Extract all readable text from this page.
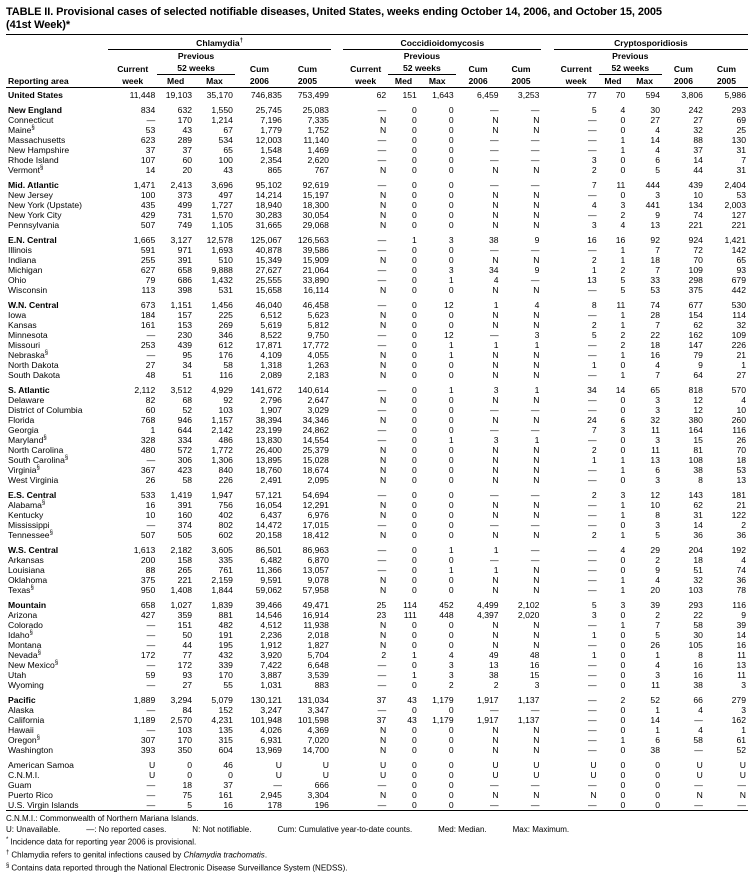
TABLE II. Provisional cases of selected notifiable diseases, United States, weeks ending October 14, 2006, and October 15, 2005
(41st Week)*
Reporting area	Chlamydia†						Coccidioidomycosis						Cryptosporidiosis				
		Previous						Previous						Previous			
	Current	52 weeks		Cum	Cum		Current	52 weeks		Cum	Cum		Current	52 weeks		Cum	Cum
	week	Med	Max	2006	2005		week	Med	Max	2006	2005		week	Med	Max	2006	2005
United States	11,448	19,103	35,170	746,835	753,499		62	151	1,643	6,459	3,253		77	70	594	3,806	5,986
New England	834	632	1,550	25,745	25,083		—	0	0	—	—		5	4	30	242	293
Connecticut	—	170	1,214	7,196	7,335		N	0	0	N	N		—	0	27	27	69
Maine§	53	43	67	1,779	1,752		N	0	0	N	N		—	0	4	32	25
Massachusetts	623	289	534	12,003	11,140		—	0	0	—	—		—	1	14	88	130
New Hampshire	37	37	65	1,548	1,469		—	0	0	—	—		—	1	4	37	31
Rhode Island	107	60	100	2,354	2,620		—	0	0	—	—		3	0	6	14	7
Vermont§	14	20	43	865	767		N	0	0	N	N		2	0	5	44	31
Mid. Atlantic	1,471	2,413	3,696	95,102	92,619		—	0	0	—	—		7	11	444	439	2,404
New Jersey	100	373	497	14,214	15,197		N	0	0	N	N		—	0	3	10	53
New York (Upstate)	435	499	1,727	18,940	18,300		N	0	0	N	N		4	3	441	134	2,003
New York City	429	731	1,570	30,283	30,054		N	0	0	N	N		—	2	9	74	127
Pennsylvania	507	749	1,105	31,665	29,068		N	0	0	N	N		3	4	13	221	221
E.N. Central	1,665	3,127	12,578	125,067	126,563		—	1	3	38	9		16	16	92	924	1,421
Illinois	591	971	1,693	40,878	39,586		—	0	0	—	—		—	1	7	72	142
Indiana	255	391	510	15,349	15,909		N	0	0	N	N		2	1	18	70	65
Michigan	627	658	9,888	27,627	21,064		—	0	3	34	9		1	2	7	109	93
Ohio	79	686	1,432	25,555	33,890		—	0	1	4	—		13	5	33	298	679
Wisconsin	113	398	531	15,658	16,114		N	0	0	N	N		—	5	53	375	442
W.N. Central	673	1,151	1,456	46,040	46,458		—	0	12	1	4		8	11	74	677	530
Iowa	184	157	225	6,512	5,623		N	0	0	N	N		—	1	28	154	114
Kansas	161	153	269	5,619	5,812		N	0	0	N	N		2	1	7	62	32
Minnesota	—	230	346	8,522	9,750		—	0	12	—	3		5	2	22	162	109
Missouri	253	439	612	17,871	17,772		—	0	1	1	1		—	2	18	147	226
Nebraska§	—	95	176	4,109	4,055		N	0	1	N	N		—	1	16	79	21
North Dakota	27	34	58	1,318	1,263		N	0	0	N	N		1	0	4	9	1
South Dakota	48	51	116	2,089	2,183		N	0	0	N	N		—	1	7	64	27
S. Atlantic	2,112	3,512	4,929	141,672	140,614		—	0	1	3	1		34	14	65	818	570
Delaware	82	68	92	2,796	2,647		N	0	0	N	N		—	0	3	12	4
District of Columbia	60	52	103	1,907	3,029		—	0	0	—	—		—	0	3	12	10
Florida	768	946	1,157	38,394	34,346		N	0	0	N	N		24	6	32	380	260
Georgia	1	644	2,142	23,199	24,862		—	0	0	—	—		7	3	11	164	116
Maryland§	328	334	486	13,830	14,554		—	0	1	3	1		—	0	3	15	26
North Carolina	480	572	1,772	26,400	25,379		N	0	0	N	N		2	0	11	81	70
South Carolina§	—	306	1,306	13,895	15,028		N	0	0	N	N		1	1	13	108	18
Virginia§	367	423	840	18,760	18,674		N	0	0	N	N		—	1	6	38	53
West Virginia	26	58	226	2,491	2,095		N	0	0	N	N		—	0	3	8	13
E.S. Central	533	1,419	1,947	57,121	54,694		—	0	0	—	—		2	3	12	143	181
Alabama§	16	391	756	16,054	12,291		N	0	0	N	N		—	1	10	62	21
Kentucky	10	160	402	6,437	6,976		N	0	0	N	N		—	1	8	31	122
Mississippi	—	374	802	14,472	17,015		—	0	0	—	—		—	0	3	14	2
Tennessee§	507	505	602	20,158	18,412		N	0	0	N	N		2	1	5	36	36
W.S. Central	1,613	2,182	3,605	86,501	86,963		—	0	1	1	—		—	4	29	204	192
Arkansas	200	158	335	6,482	6,870		—	0	0	—	—		—	0	2	18	4
Louisiana	88	265	761	11,366	13,057		—	0	1	1	N		—	0	9	51	74
Oklahoma	375	221	2,159	9,591	9,078		N	0	0	N	N		—	1	4	32	36
Texas§	950	1,408	1,844	59,062	57,958		N	0	0	N	N		—	1	20	103	78
Mountain	658	1,027	1,839	39,466	49,471		25	114	452	4,499	2,102		5	3	39	293	116
Arizona	427	359	881	14,546	16,914		23	111	448	4,397	2,020		3	0	2	22	9
Colorado	—	151	482	4,512	11,938		N	0	0	N	N		—	1	7	58	39
Idaho§	—	50	191	2,236	2,018		N	0	0	N	N		1	0	5	30	14
Montana	—	44	195	1,912	1,827		N	0	0	N	N		—	0	26	105	16
Nevada§	172	77	432	3,920	5,704		2	1	4	49	48		1	0	1	8	11
New Mexico§	—	172	339	7,422	6,648		—	0	3	13	16		—	0	4	16	13
Utah	59	93	170	3,887	3,539		—	1	3	38	15		—	0	3	16	11
Wyoming	—	27	55	1,031	883		—	0	2	2	3		—	0	11	38	3
Pacific	1,889	3,294	5,079	130,121	131,034		37	43	1,179	1,917	1,137		—	2	52	66	279
Alaska	—	84	152	3,247	3,347		—	0	0	—	—		—	0	1	4	3
California	1,189	2,570	4,231	101,948	101,598		37	43	1,179	1,917	1,137		—	0	14	—	162
Hawaii	—	103	135	4,026	4,369		N	0	0	N	N		—	0	1	4	1
Oregon§	307	170	315	6,931	7,020		N	0	0	N	N		—	1	6	58	61
Washington	393	350	604	13,969	14,700		N	0	0	N	N		—	0	38	—	52
American Samoa	U	0	46	U	U		U	0	0	U	U		U	0	0	U	U
C.N.M.I.	U	0	0	U	U		U	0	0	U	U		U	0	0	U	U
Guam	—	18	37	—	666		—	0	0	—	—		—	0	0	—	—
Puerto Rico	—	75	161	2,945	3,304		N	0	0	N	N		N	0	0	N	N
U.S. Virgin Islands	—	5	16	178	196		—	0	0	—	—		—	0	0	—	—
C.N.M.I.: Commonwealth of Northern Mariana Islands.
U: Unavailable.	—: No reported cases.	N: Not notifiable.	Cum: Cumulative year-to-date counts.	Med: Median.	Max: Maximum.
* Incidence data for reporting year 2006 is provisional.
† Chlamydia refers to genital infections caused by Chlamydia trachomatis.
§ Contains data reported through the National Electronic Disease Surveillance System (NEDSS).
